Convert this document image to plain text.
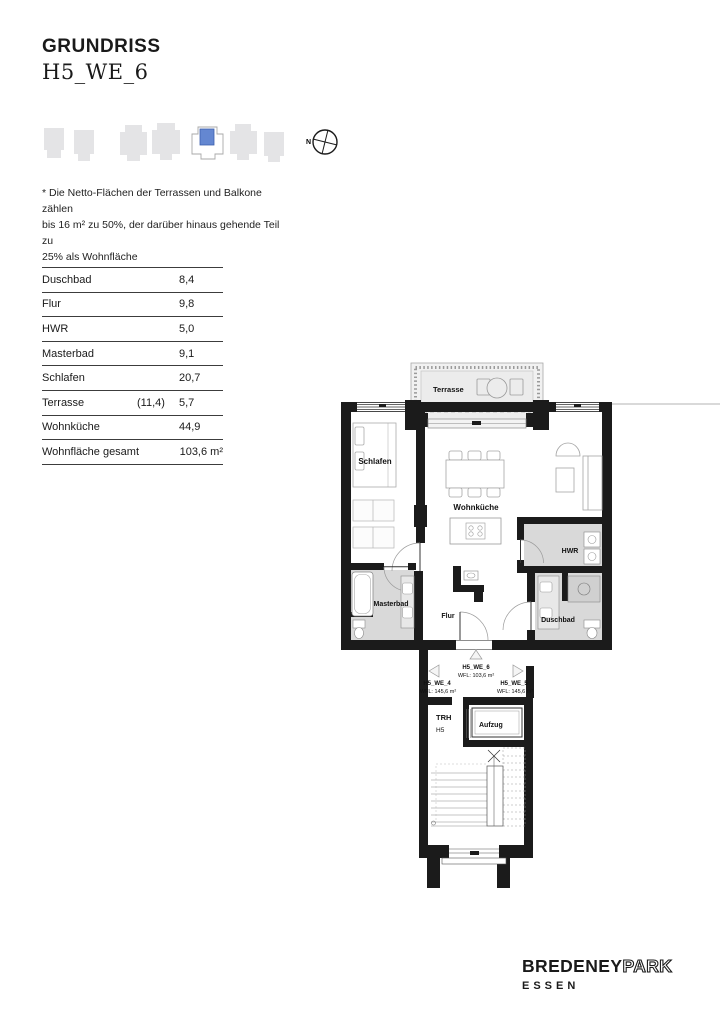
GRUNDRISS
H5_WE_6
N
* Die Netto-Flächen der Terrassen und Balkone zählen
bis 16 m² zu 50%, der darüber hinaus gehende Teil zu
25% als Wohnfläche
Duschbad	8,4
Flur	9,8
HWR	5,0
Masterbad	9,1
Schlafen	20,7
Terrasse	(11,4)	5,7
Wohnküche	44,9
Wohnfläche gesamt	103,6 m²
Terrasse
Schlafen
Wohnküche
HWR
Masterbad
Flur
Duschbad
H5_WE_6
WFL: 103,6 m²
H5_WE_4
WFL: 145,6 m²
H5_WE_5
WFL: 145,6 m²
Aufzug
TRH
H5
BREDENEYPARK
ESSEN
